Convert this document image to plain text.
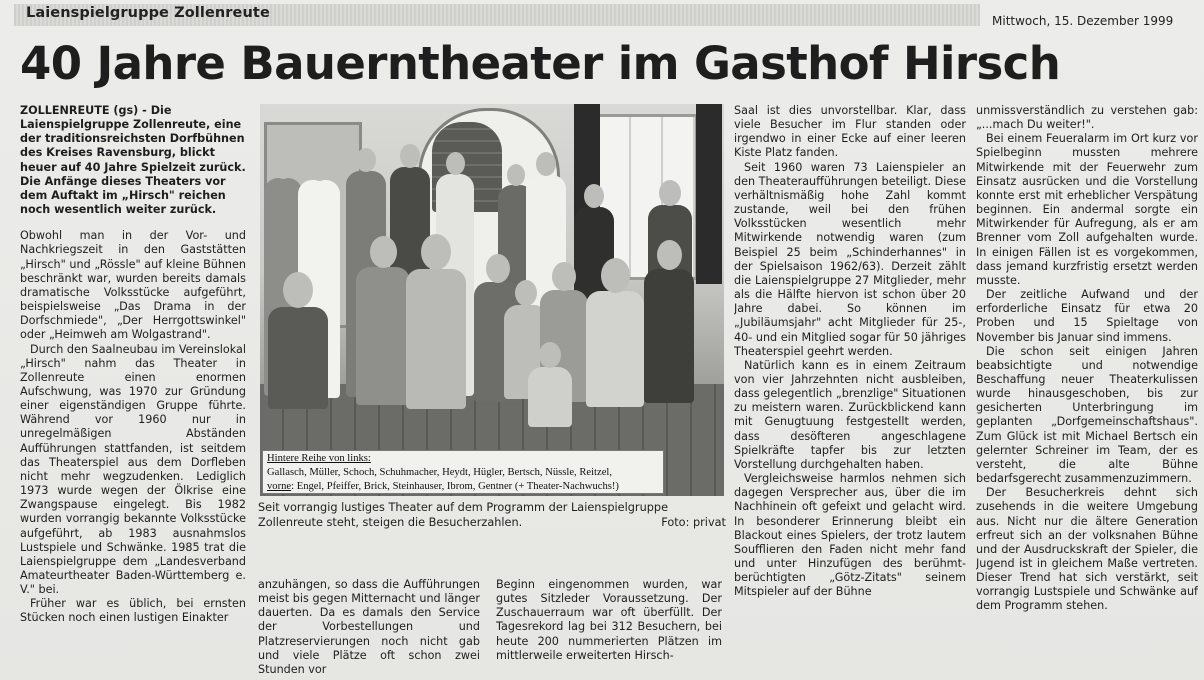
Laienspielgruppe Zollenreute	Mittwoch, 15. Dezember 1999
40 Jahre Bauerntheater im Gasthof Hirsch

ZOLLENREUTE (gs) - Die Laienspielgruppe Zollenreute, eine der traditionsreichsten Dorfbühnen des Kreises Ravensburg, blickt heuer auf 40 Jahre Spielzeit zurück. Die Anfänge dieses Theaters vor dem Auftakt im „Hirsch" reichen noch wesentlich weiter zurück.

Obwohl man in der Vor- und Nachkriegszeit in den Gaststätten „Hirsch" und „Rössle" auf kleine Bühnen beschränkt war, wurden bereits damals dramatische Volksstücke aufgeführt, beispielsweise „Das Drama in der Dorfschmiede", „Der Herrgottswinkel" oder „Heimweh am Wolgastrand".

Durch den Saalneubau im Vereinslokal „Hirsch" nahm das Theater in Zollenreute einen enormen Aufschwung, was 1970 zur Gründung einer eigenständigen Gruppe führte. Während vor 1960 nur in unregelmäßigen Abständen Aufführungen stattfanden, ist seitdem das Theaterspiel aus dem Dorfleben nicht mehr wegzudenken. Lediglich 1973 wurde wegen der Ölkrise eine Zwangspause eingelegt. Bis 1982 wurden vorrangig bekannte Volksstücke aufgeführt, ab 1983 ausnahmslos Lustspiele und Schwänke. 1985 trat die Laienspielgruppe dem „Landesverband Amateurtheater Baden-Württemberg e. V." bei.

Früher war es üblich, bei ernsten Stücken noch einen lustigen Einakter

Hintere Reihe von links:
Gallasch, Müller, Schoch, Schuhmacher, Heydt, Hügler, Bertsch, Nüssle, Reitzel,
vorne: Engel, Pfeiffer, Brick, Steinhauser, Ibrom, Gentner (+ Theater-Nachwuchs!)
Seit vorrangig lustiges Theater auf dem Programm der Laienspielgruppe Zollenreute steht, steigen die Besucherzahlen.	Foto: privat

anzuhängen, so dass die Aufführungen meist bis gegen Mitternacht und länger dauerten. Da es damals den Service der Vorbestellungen und Platzreservierungen noch nicht gab und viele Plätze oft schon zwei Stunden vor

Beginn eingenommen wurden, war gutes Sitzleder Voraussetzung. Der Zuschauerraum war oft überfüllt. Der Tagesrekord lag bei 312 Besuchern, bei heute 200 nummerierten Plätzen im mittlerweile erweiterten Hirsch-

Saal ist dies unvorstellbar. Klar, dass viele Besucher im Flur standen oder irgendwo in einer Ecke auf einer leeren Kiste Platz fanden.

Seit 1960 waren 73 Laienspieler an den Theateraufführungen beteiligt. Diese verhältnismäßig hohe Zahl kommt zustande, weil bei den frühen Volksstücken wesentlich mehr Mitwirkende notwendig waren (zum Beispiel 25 beim „Schinderhannes" in der Spielsaison 1962/63). Derzeit zählt die Laienspielgruppe 27 Mitglieder, mehr als die Hälfte hiervon ist schon über 20 Jahre dabei. So können im „Jubiläumsjahr" acht Mitglieder für 25-, 40- und ein Mitglied sogar für 50 jähriges Theaterspiel geehrt werden.

Natürlich kann es in einem Zeitraum von vier Jahrzehnten nicht ausbleiben, dass gelegentlich „brenzlige" Situationen zu meistern waren. Zurückblickend kann mit Genugtuung festgestellt werden, dass desöfteren angeschlagene Spielkräfte tapfer bis zur letzten Vorstellung durchgehalten haben.

Vergleichsweise harmlos nehmen sich dagegen Versprecher aus, über die im Nachhinein oft gefeixt und gelacht wird. In besonderer Erinnerung bleibt ein Blackout eines Spielers, der trotz lautem Soufflieren den Faden nicht mehr fand und unter Hinzufügen des berühmt-berüchtigten „Götz-Zitats" seinem Mitspieler auf der Bühne

unmissverständlich zu verstehen gab: „...mach Du weiter!".

Bei einem Feueralarm im Ort kurz vor Spielbeginn mussten mehrere Mitwirkende mit der Feuerwehr zum Einsatz ausrücken und die Vorstellung konnte erst mit erheblicher Verspätung beginnen. Ein andermal sorgte ein Mitwirkender für Aufregung, als er am Brenner vom Zoll aufgehalten wurde. In einigen Fällen ist es vorgekommen, dass jemand kurzfristig ersetzt werden musste.

Der zeitliche Aufwand und der erforderliche Einsatz für etwa 20 Proben und 15 Spieltage von November bis Januar sind immens.

Die schon seit einigen Jahren beabsichtigte und notwendige Beschaffung neuer Theaterkulissen wurde hinausgeschoben, bis zur gesicherten Unterbringung im geplanten „Dorfgemeinschaftshaus". Zum Glück ist mit Michael Bertsch ein gelernter Schreiner im Team, der es versteht, die alte Bühne bedarfsgerecht zusammenzuzimmern.

Der Besucherkreis dehnt sich zusehends in die weitere Umgebung aus. Nicht nur die ältere Generation erfreut sich an der volksnahen Bühne und der Ausdruckskraft der Spieler, die Jugend ist in gleichem Maße vertreten. Dieser Trend hat sich verstärkt, seit vorrangig Lustspiele und Schwänke auf dem Programm stehen.
